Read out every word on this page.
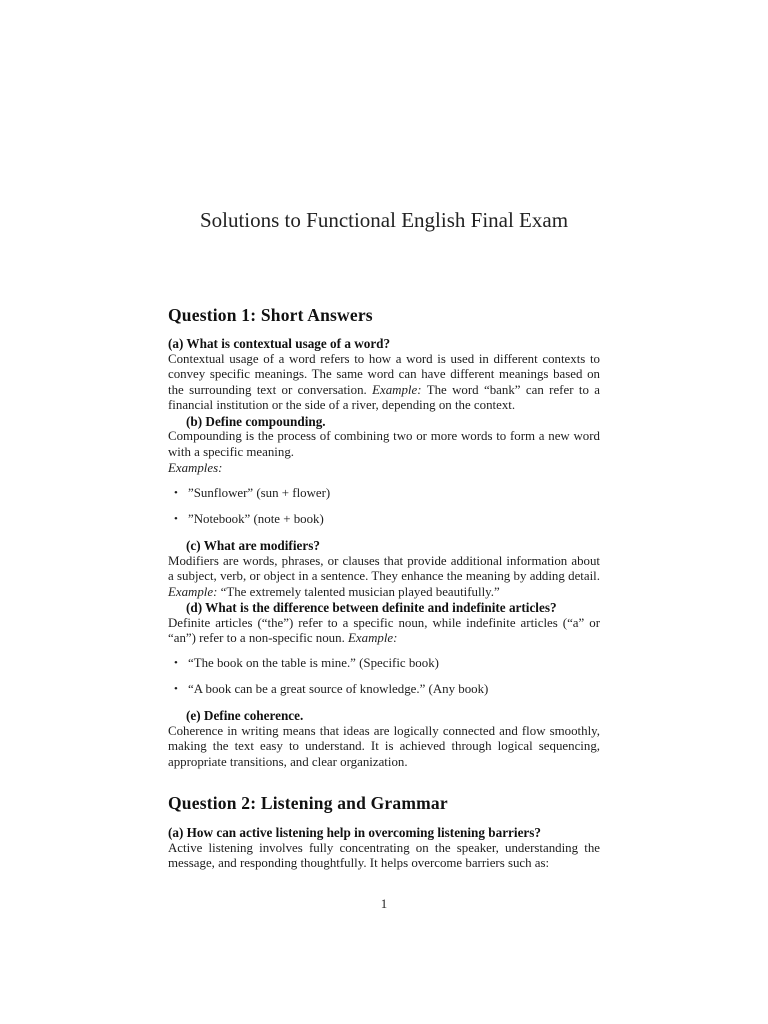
Solutions to Functional English Final Exam
Question 1: Short Answers
(a) What is contextual usage of a word?

Contextual usage of a word refers to how a word is used in different contexts to convey specific meanings. The same word can have different meanings based on the surrounding text or conversation. Example: The word “bank” can refer to a financial institution or the side of a river, depending on the context.

(b) Define compounding.

Compounding is the process of combining two or more words to form a new word with a specific meaning.

Examples:

• ”Sunflower” (sun + flower)
• ”Notebook” (note + book)
(c) What are modifiers?

Modifiers are words, phrases, or clauses that provide additional information about a subject, verb, or object in a sentence. They enhance the meaning by adding detail. Example: “The extremely talented musician played beautifully.”

(d) What is the difference between definite and indefinite articles?

Definite articles (“the”) refer to a specific noun, while indefinite articles (“a” or “an”) refer to a non-specific noun. Example:

• “The book on the table is mine.” (Specific book)
• “A book can be a great source of knowledge.” (Any book)
(e) Define coherence.

Coherence in writing means that ideas are logically connected and flow smoothly, making the text easy to understand. It is achieved through logical sequencing, appropriate transitions, and clear organization.

Question 2: Listening and Grammar
(a) How can active listening help in overcoming listening barriers?

Active listening involves fully concentrating on the speaker, understanding the message, and responding thoughtfully. It helps overcome barriers such as:

1
